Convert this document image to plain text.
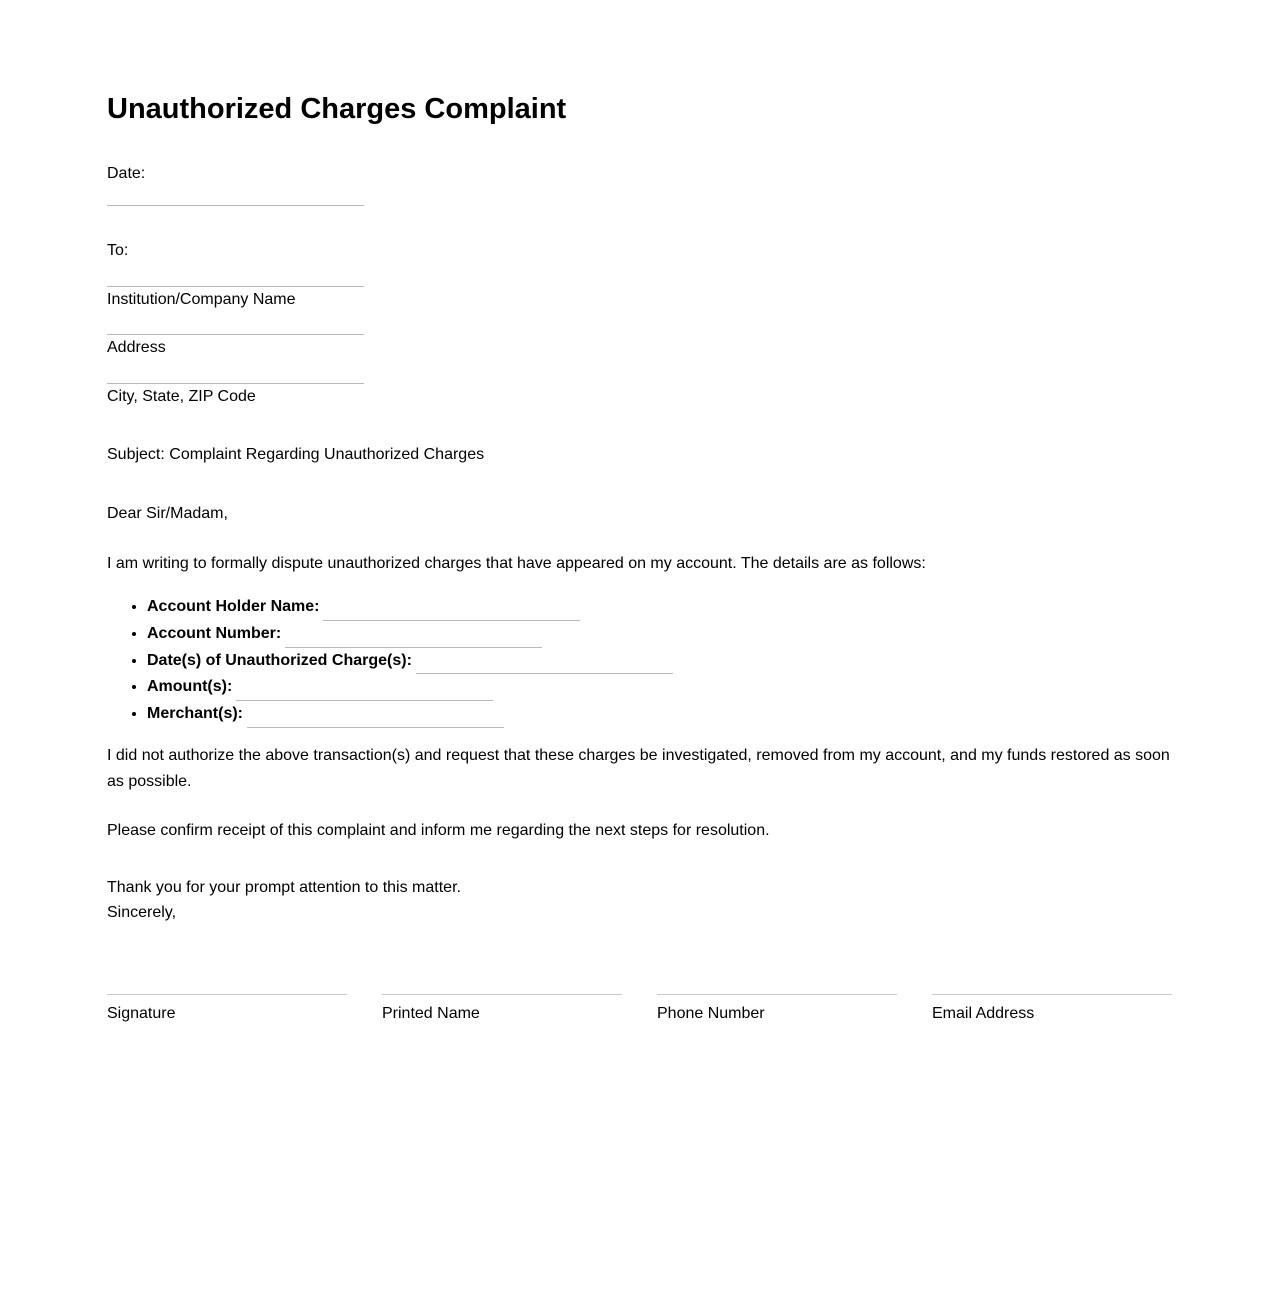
Unauthorized Charges Complaint
Date:
To:
Institution/Company Name
Address
City, State, ZIP Code

Subject: Complaint Regarding Unauthorized Charges

Dear Sir/Madam,

I am writing to formally dispute unauthorized charges that have appeared on my account. The details are as follows:

• Account Holder Name:
• Account Number:
• Date(s) of Unauthorized Charge(s):
• Amount(s):
• Merchant(s):

I did not authorize the above transaction(s) and request that these charges be investigated, removed from my account, and my funds restored as soon as possible.

Please confirm receipt of this complaint and inform me regarding the next steps for resolution.

Thank you for your prompt attention to this matter.
Sincerely,
Signature	Printed Name	Phone Number	Email Address
